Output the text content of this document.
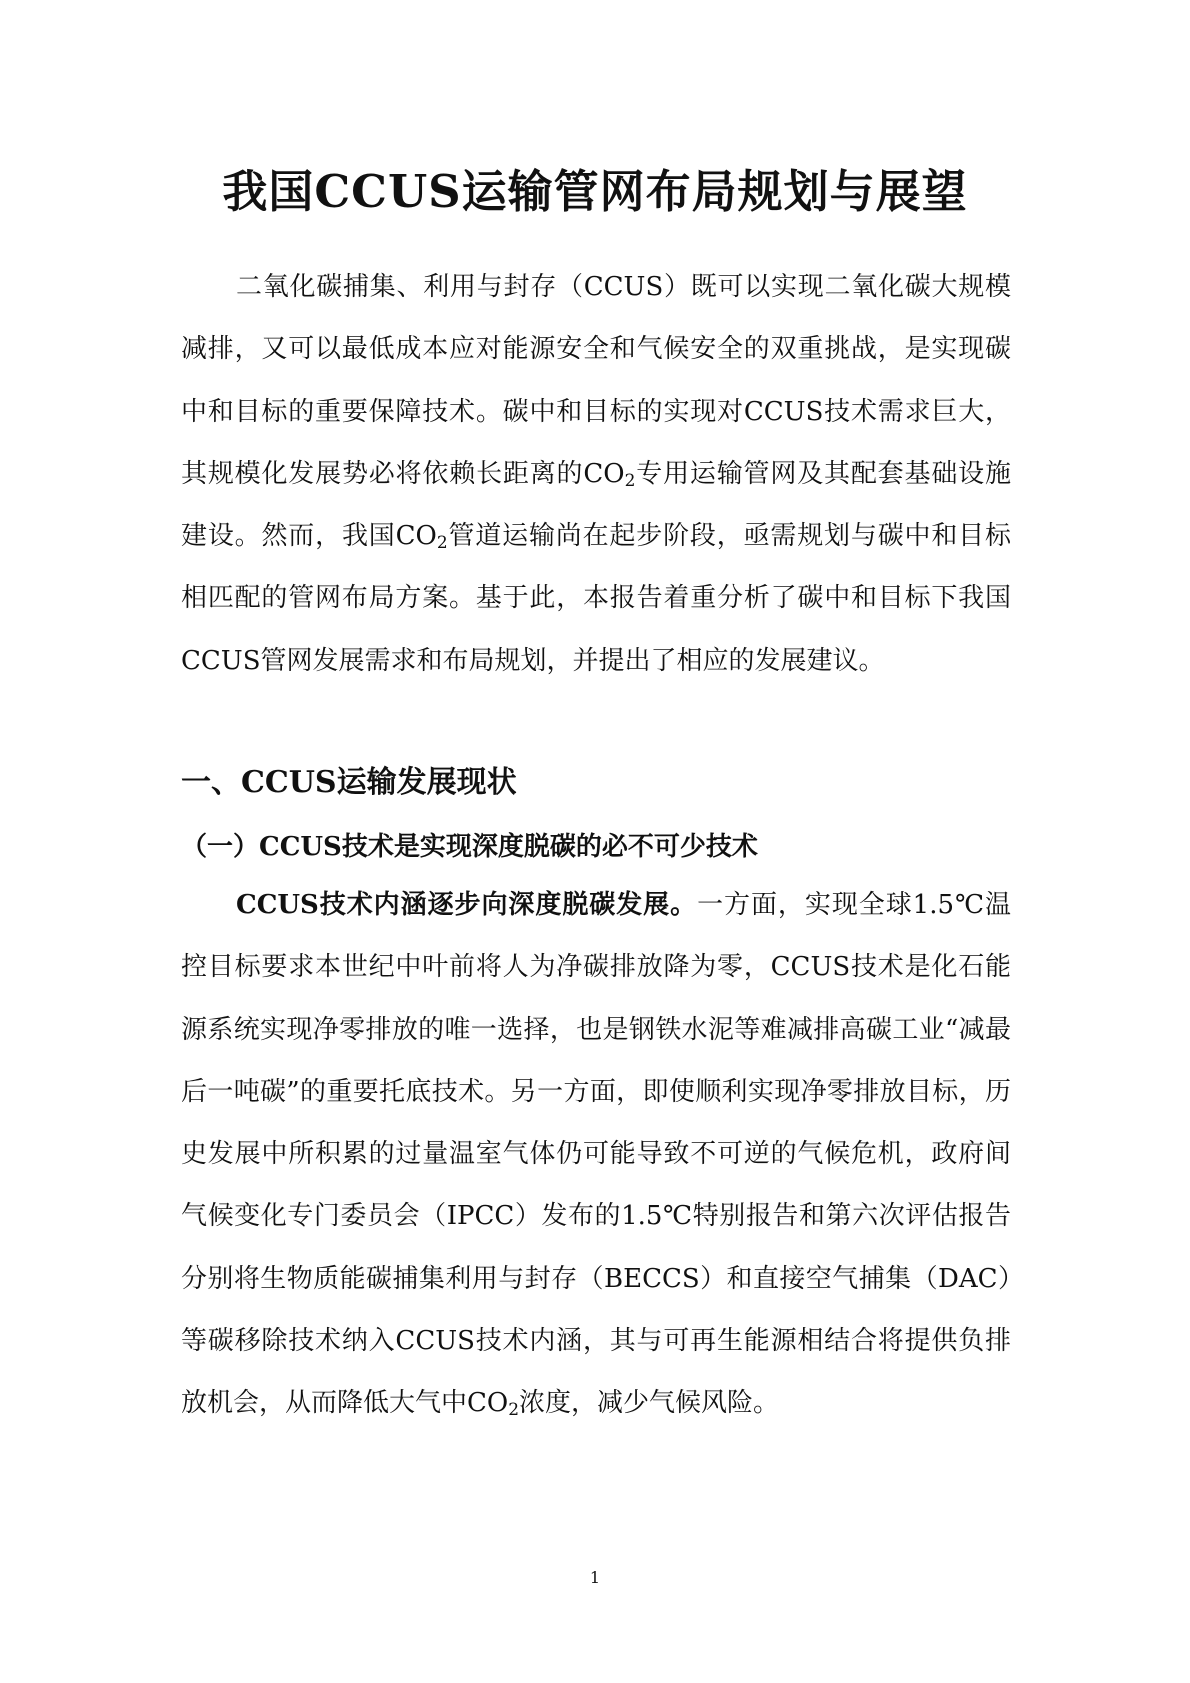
我国CCUS运输管网布局规划与展望

二氧化碳捕集、利用与封存（CCUS）既可以实现二氧化碳大规模减排，又可以最低成本应对能源安全和气候安全的双重挑战，是实现碳中和目标的重要保障技术。碳中和目标的实现对CCUS技术需求巨大，其规模化发展势必将依赖长距离的$CO_2$专用运输管网及其配套基础设施建设。然而，我国$CO_2$管道运输尚在起步阶段，亟需规划与碳中和目标相匹配的管网布局方案。基于此，本报告着重分析了碳中和目标下我国CCUS管网发展需求和布局规划，并提出了相应的发展建议。

一、CCUS运输发展现状
（一）CCUS技术是实现深度脱碳的必不可少技术

CCUS技术内涵逐步向深度脱碳发展。一方面，实现全球1.5℃温控目标要求本世纪中叶前将人为净碳排放降为零，CCUS技术是化石能源系统实现净零排放的唯一选择，也是钢铁水泥等难减排高碳工业“减最后一吨碳”的重要托底技术。另一方面，即使顺利实现净零排放目标，历史发展中所积累的过量温室气体仍可能导致不可逆的气候危机，政府间气候变化专门委员会（IPCC）发布的1.5℃特别报告和第六次评估报告分别将生物质能碳捕集利用与封存（BECCS）和直接空气捕集（DAC）等碳移除技术纳入CCUS技术内涵，其与可再生能源相结合将提供负排放机会，从而降低大气中$CO_2$浓度，减少气候风险。

1
